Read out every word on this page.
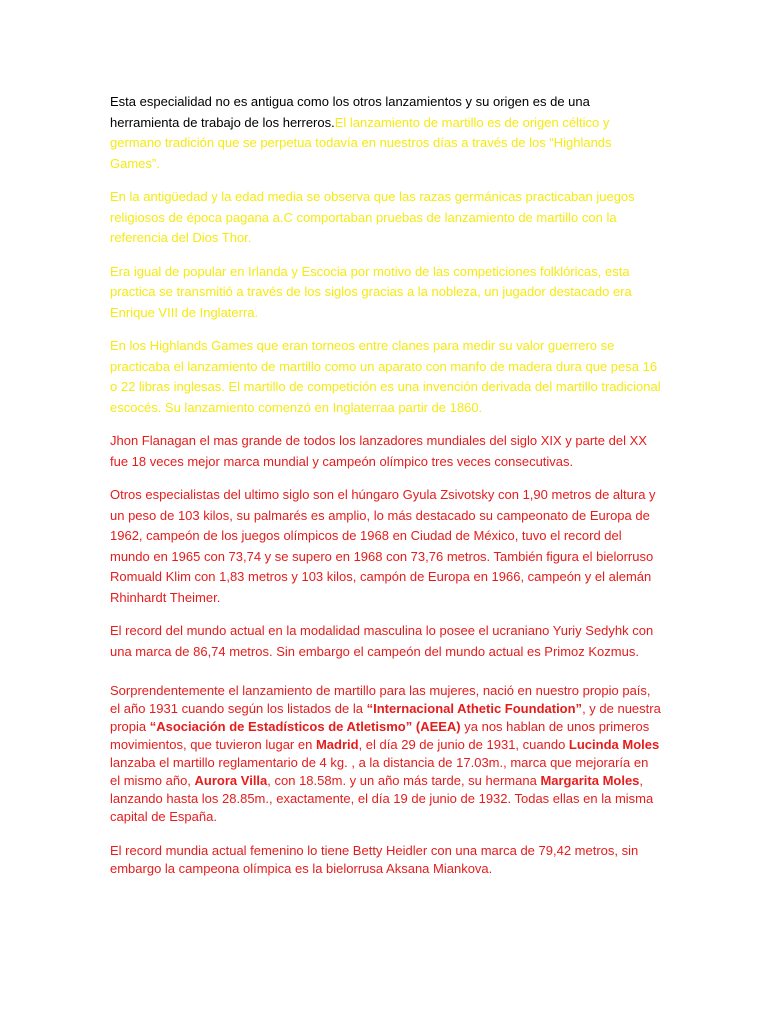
Esta especialidad no es antigua como los otros lanzamientos y su origen es de una herramienta de trabajo de los herreros.El lanzamiento de martillo es de origen céltico y germano tradición que se perpetua todavía en nuestros días a través de los “Highlands Games”.

En la antigüedad y la edad media se observa que las razas germánicas practicaban juegos religiosos de época pagana a.C comportaban pruebas de lanzamiento de martillo con la referencia del Dios Thor.

Era igual de popular en Irlanda y Escocia por motivo de las competiciones folklóricas, esta practica se transmitió a través de los siglos gracias a la nobleza, un jugador destacado era Enrique VIII de Inglaterra.

En los Highlands Games que eran torneos entre clanes para medir su valor guerrero se practicaba el lanzamiento de martillo como un aparato con manfo de madera dura que pesa 16 o 22 libras inglesas. El martillo de competición es una invención derivada del martillo tradicional escocés. Su lanzamiento comenzó en Inglaterraa partir de 1860.

Jhon Flanagan el mas grande de todos los lanzadores mundiales del siglo XIX y parte del XX fue 18 veces mejor marca mundial y campeón olímpico tres veces consecutivas.

Otros especialistas del ultimo siglo son el húngaro Gyula Zsivotsky con 1,90 metros de altura y un peso de 103 kilos, su palmarés es amplio, lo más destacado su campeonato de Europa de 1962, campeón de los juegos olímpicos de 1968 en Ciudad de México, tuvo el record del mundo en 1965 con 73,74 y se supero en 1968 con 73,76 metros. También figura el bielorruso Romuald Klim con 1,83 metros y 103 kilos, campón de Europa en 1966, campeón y el alemán Rhinhardt Theimer.

El record del mundo actual en la modalidad masculina lo posee el ucraniano Yuriy Sedyhk con una marca de 86,74 metros. Sin embargo el campeón del mundo actual es Primoz Kozmus.

Sorprendentemente el lanzamiento de martillo para las mujeres, nació en nuestro propio país, el año 1931 cuando según los listados de la “Internacional Athetic Foundation”, y de nuestra propia “Asociación de Estadísticos de Atletismo” (AEEA) ya nos hablan de unos primeros movimientos, que tuvieron lugar en Madrid, el día 29 de junio de 1931, cuando Lucinda Moles lanzaba el martillo reglamentario de 4 kg. , a la distancia de 17.03m., marca que mejoraría en el mismo año, Aurora Villa, con 18.58m. y un año más tarde, su hermana Margarita Moles, lanzando hasta los 28.85m., exactamente, el día 19 de junio de 1932. Todas ellas en la misma capital de España.

El record mundia actual femenino lo tiene Betty Heidler con una marca de 79,42 metros, sin embargo la campeona olímpica es la bielorrusa Aksana Miankova.
